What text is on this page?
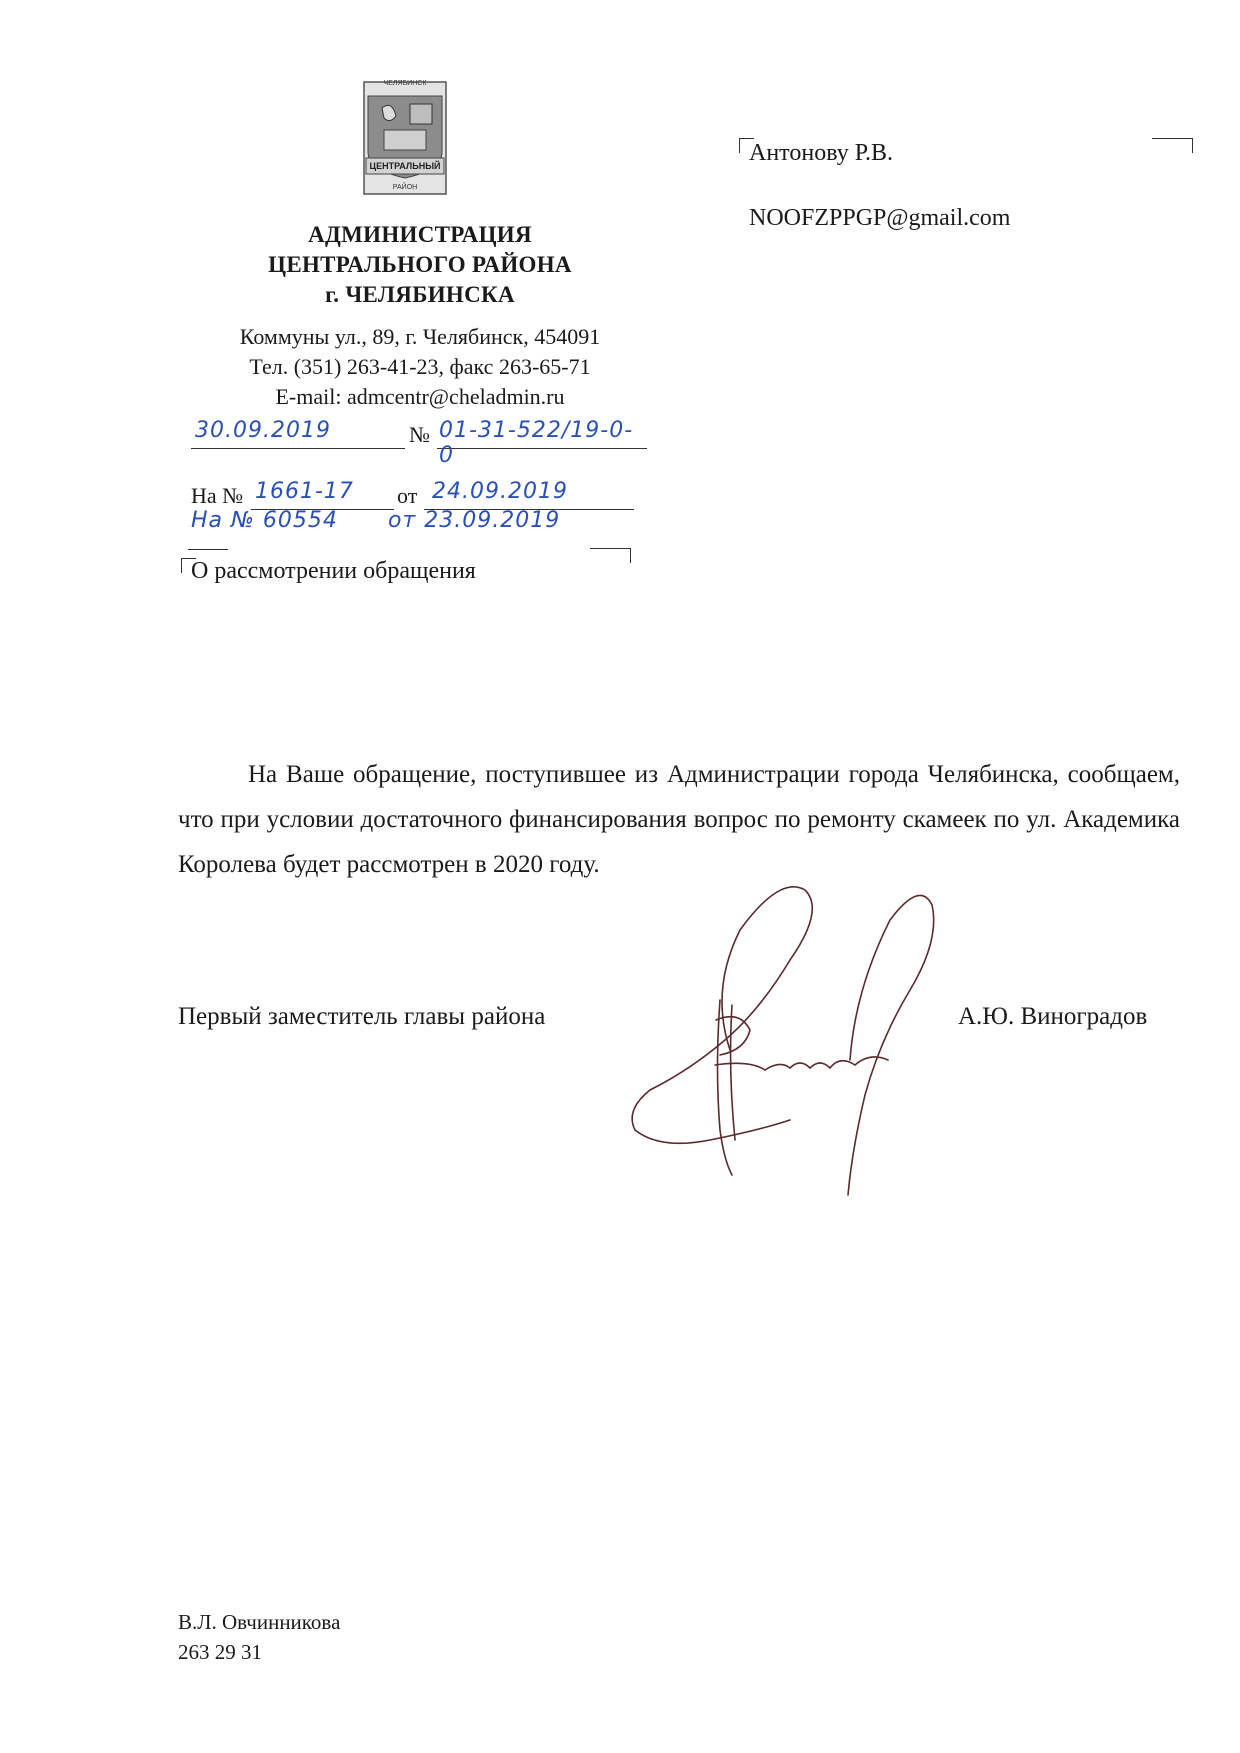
ЧЕЛЯБИНСК
ЦЕНТРАЛЬНЫЙ
РАЙОН
АДМИНИСТРАЦИЯ
ЦЕНТРАЛЬНОГО РАЙОНА
г. ЧЕЛЯБИНСКА
Коммуны ул., 89, г. Челябинск, 454091
Тел. (351) 263-41-23, факс 263-65-71
E-mail: admcentr@cheladmin.ru
Антонову Р.В.
NOOFZPPGP@gmail.com
30.09.2019	№ 01-31-522/19-0-0
На № 1661-17 от 24.09.2019
На № 60554 от 23.09.2019
О рассмотрении обращения
На Ваше обращение, поступившее из Администрации города Челябинска, сообщаем, что при условии достаточного финансирования вопрос по ремонту скамеек по ул. Академика Королева будет рассмотрен в 2020 году.
Первый заместитель главы района	А.Ю. Виноградов
В.Л. Овчинникова
263 29 31
